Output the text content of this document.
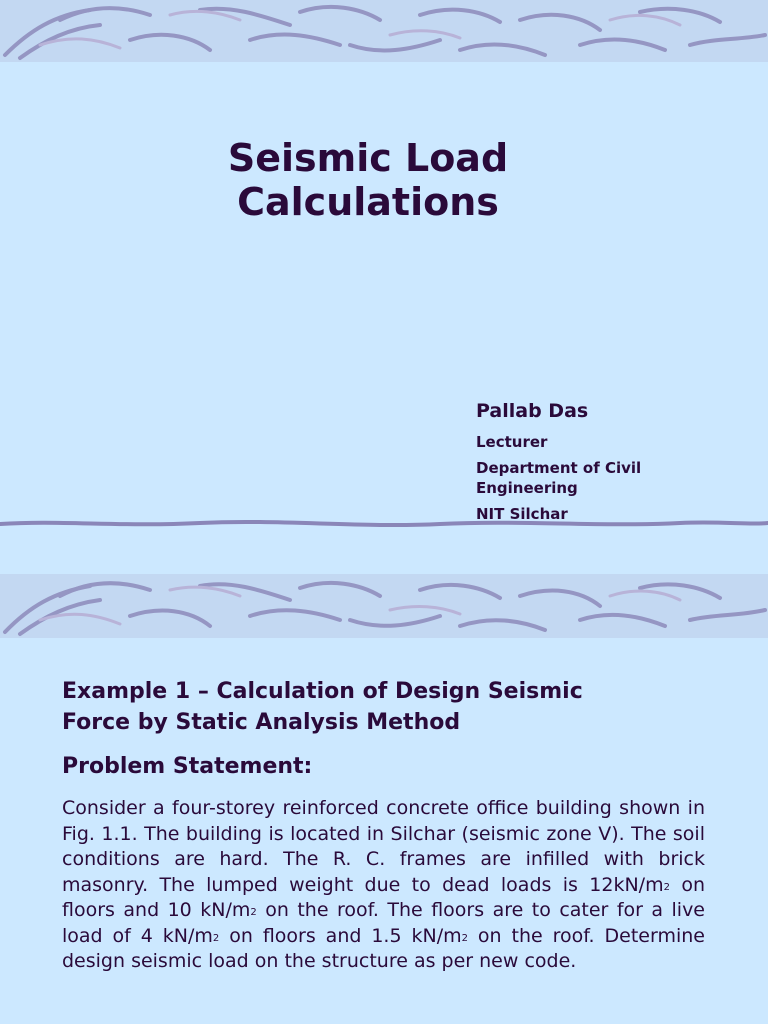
Seismic Load
Calculations
Pallab Das
Lecturer
Department of Civil
Engineering
NIT Silchar
Example 1 – Calculation of Design Seismic
Force by Static Analysis Method
Problem Statement:
Consider a four-storey reinforced concrete office building shown in Fig. 1.1. The building is located in Silchar (seismic zone V). The soil conditions are hard. The R. C. frames are infilled with brick masonry. The lumped weight due to dead loads is $12kN/m^2$ on floors and 10 $kN/m^2$ on the roof. The floors are to cater for a live load of 4 $kN/m^2$ on floors and 1.5 $kN/m^2$ on the roof. Determine design seismic load on the structure as per new code.
